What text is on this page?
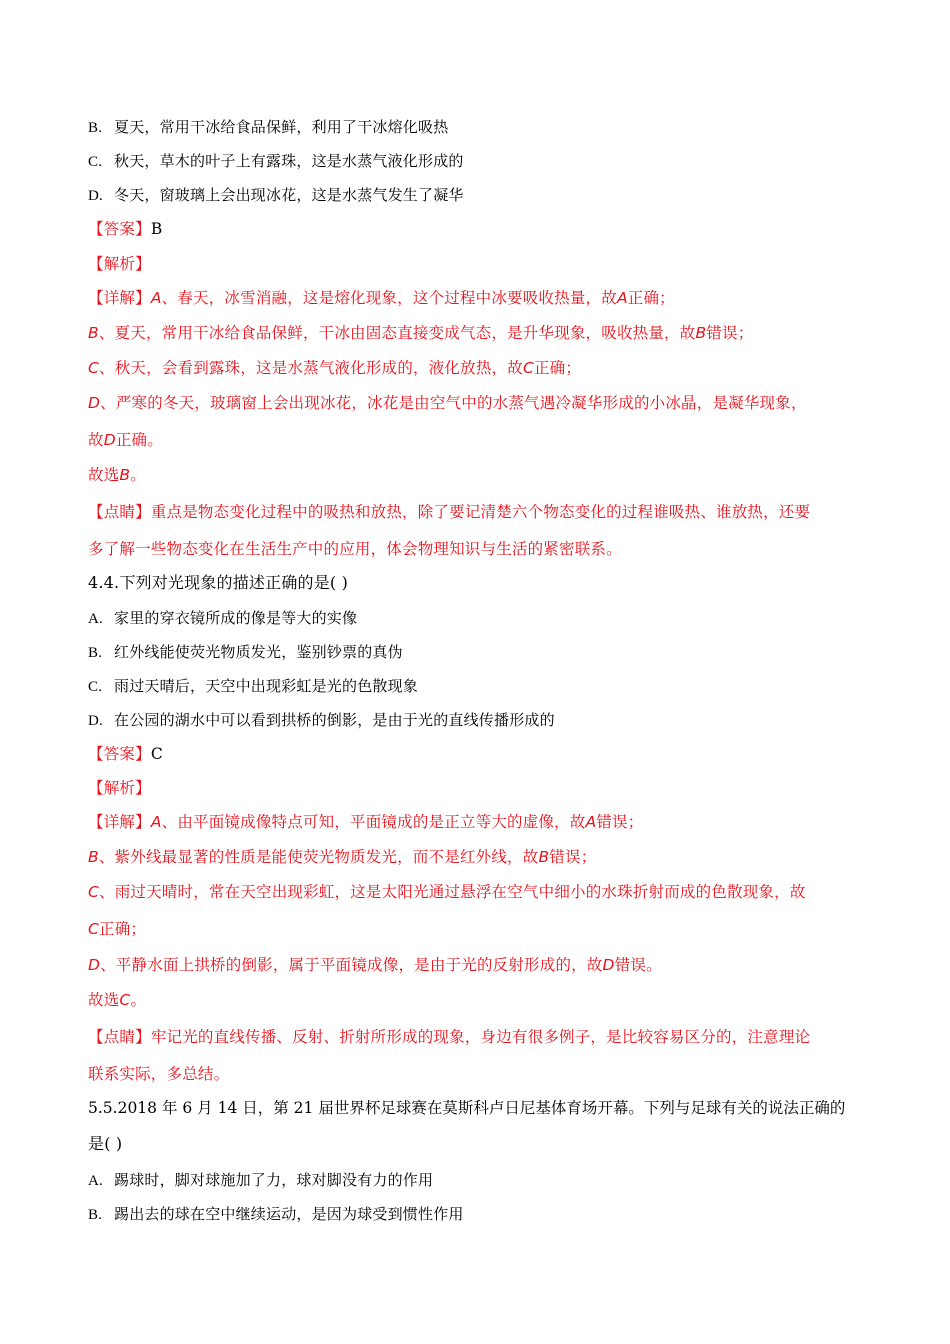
B. 夏天，常用干冰给食品保鲜，利用了干冰熔化吸热
C. 秋天，草木的叶子上有露珠，这是水蒸气液化形成的
D. 冬天，窗玻璃上会出现冰花，这是水蒸气发生了凝华
【答案】B
【解析】
【详解】A、春天，冰雪消融，这是熔化现象，这个过程中冰要吸收热量，故A正确；
B、夏天，常用干冰给食品保鲜，干冰由固态直接变成气态，是升华现象，吸收热量，故B错误；
C、秋天，会看到露珠，这是水蒸气液化形成的，液化放热，故C正确；
D、严寒的冬天，玻璃窗上会出现冰花，冰花是由空气中的水蒸气遇冷凝华形成的小冰晶，是凝华现象，
故D正确。
故选B。
【点睛】重点是物态变化过程中的吸热和放热，除了要记清楚六个物态变化的过程谁吸热、谁放热，还要
多了解一些物态变化在生活生产中的应用，体会物理知识与生活的紧密联系。
4.4.下列对光现象的描述正确的是( )
A. 家里的穿衣镜所成的像是等大的实像
B. 红外线能使荧光物质发光，鉴别钞票的真伪
C. 雨过天晴后，天空中出现彩虹是光的色散现象
D. 在公园的湖水中可以看到拱桥的倒影，是由于光的直线传播形成的
【答案】C
【解析】
【详解】A、由平面镜成像特点可知，平面镜成的是正立等大的虚像，故A错误；
B、紫外线最显著的性质是能使荧光物质发光，而不是红外线，故B错误；
C、雨过天晴时，常在天空出现彩虹，这是太阳光通过悬浮在空气中细小的水珠折射而成的色散现象，故
C正确；
D、平静水面上拱桥的倒影，属于平面镜成像，是由于光的反射形成的，故D错误。
故选C。
【点睛】牢记光的直线传播、反射、折射所形成的现象，身边有很多例子，是比较容易区分的，注意理论
联系实际，多总结。
5.5.2018 年 6 月 14 日，第 21 届世界杯足球赛在莫斯科卢日尼基体育场开幕。下列与足球有关的说法正确的
是( )
A. 踢球时，脚对球施加了力，球对脚没有力的作用
B. 踢出去的球在空中继续运动，是因为球受到惯性作用
